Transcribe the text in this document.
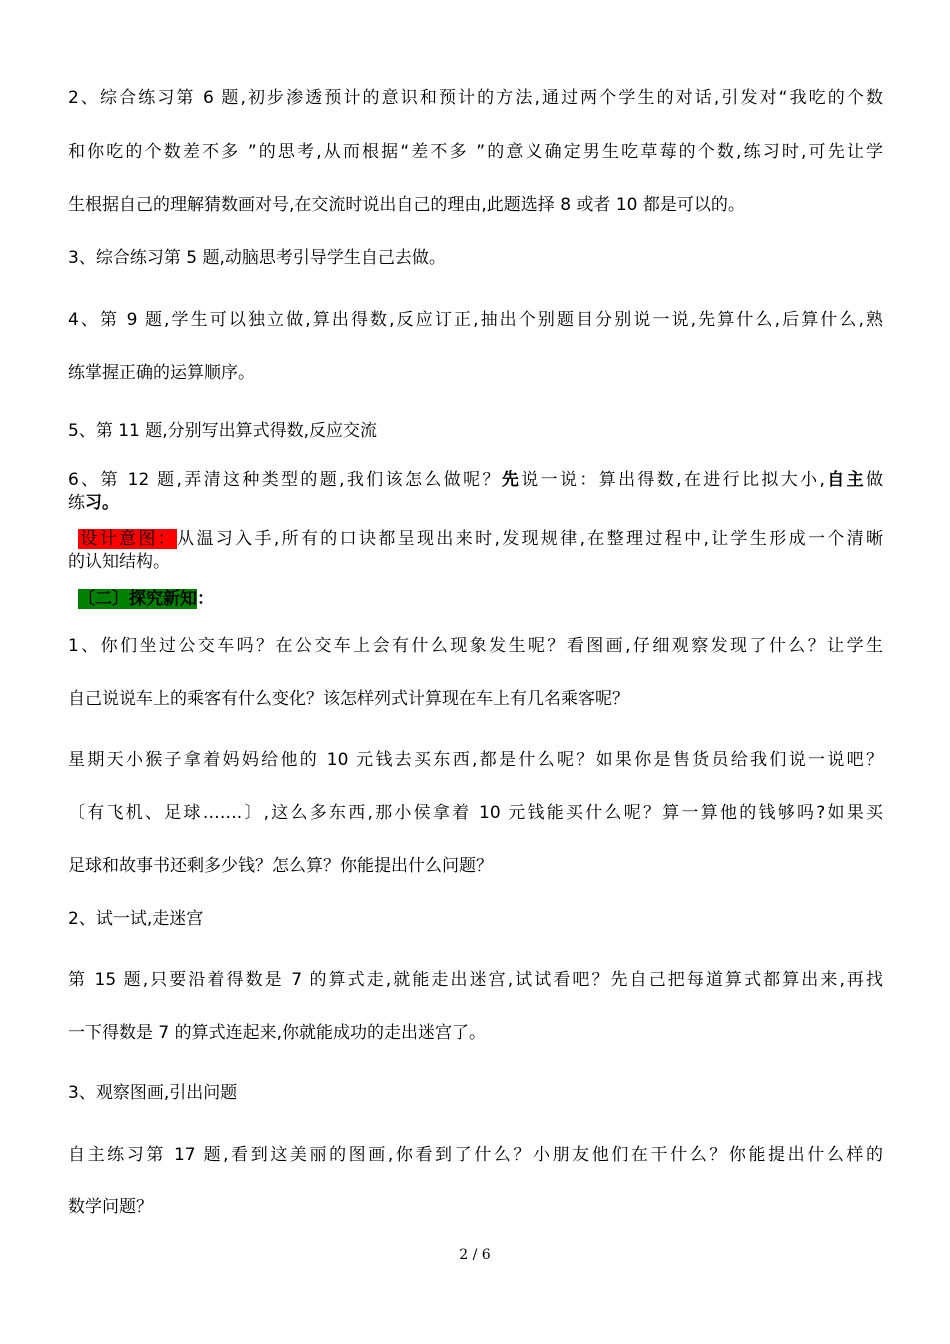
2、综合练习第 6 题,初步渗透预计的意识和预计的方法,通过两个学生的对话,引发对“我吃的个数
和你吃的个数差不多 ”的思考,从而根据“差不多 ”的意义确定男生吃草莓的个数,练习时,可先让学
生根据自己的理解猜数画对号,在交流时说出自己的理由,此题选择 8 或者 10 都是可以的。
3、综合练习第 5 题,动脑思考引导学生自己去做。
4、第 9 题,学生可以独立做,算出得数,反应订正,抽出个别题目分别说一说,先算什么,后算什么,熟
练掌握正确的运算顺序。
5、第 11 题,分别写出算式得数,反应交流
6、第 12 题,弄清这种类型的题,我们该怎么做呢？先说一说：算出得数,在进行比拟大小,自主做
练习。
设计意图：从温习入手,所有的口诀都呈现出来时,发现规律,在整理过程中,让学生形成一个清晰
的认知结构。
〔二〕探究新知：
1、你们坐过公交车吗？在公交车上会有什么现象发生呢？看图画,仔细观察发现了什么？让学生
自己说说车上的乘客有什么变化？该怎样列式计算现在车上有几名乘客呢？
星期天小猴子拿着妈妈给他的 10 元钱去买东西,都是什么呢？如果你是售货员给我们说一说吧？
〔有飞机、足球…….〕,这么多东西,那小侯拿着 10 元钱能买什么呢？算一算他的钱够吗?如果买
足球和故事书还剩多少钱？怎么算？你能提出什么问题？
2、试一试,走迷宫
第 15 题,只要沿着得数是 7 的算式走,就能走出迷宫,试试看吧？先自己把每道算式都算出来,再找
一下得数是 7 的算式连起来,你就能成功的走出迷宫了。
3、观察图画,引出问题
自主练习第 17 题,看到这美丽的图画,你看到了什么？小朋友他们在干什么？你能提出什么样的
数学问题？
2 / 6
